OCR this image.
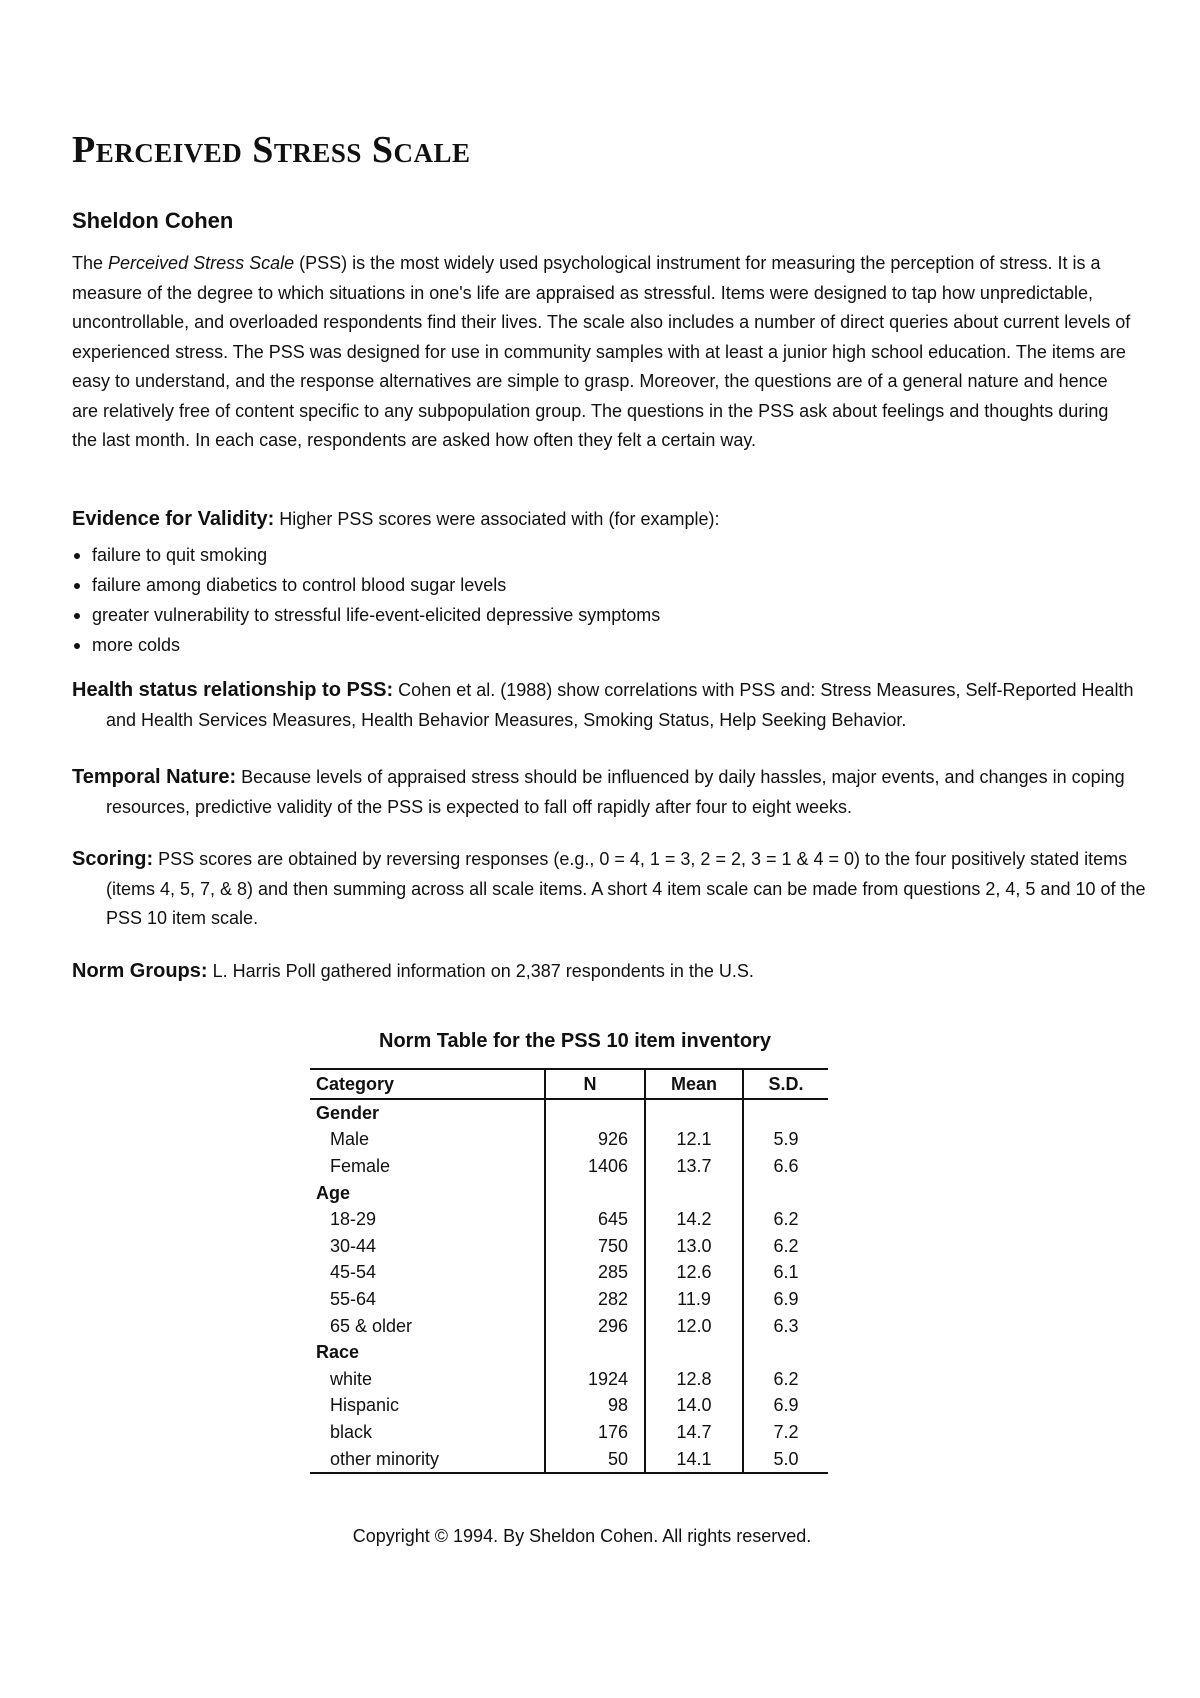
Perceived Stress Scale
Sheldon Cohen

The Perceived Stress Scale (PSS) is the most widely used psychological instrument for measuring the perception of stress. It is a measure of the degree to which situations in one's life are appraised as stressful. Items were designed to tap how unpredictable, uncontrollable, and overloaded respondents find their lives. The scale also includes a number of direct queries about current levels of experienced stress. The PSS was designed for use in community samples with at least a junior high school education. The items are easy to understand, and the response alternatives are simple to grasp. Moreover, the questions are of a general nature and hence are relatively free of content specific to any subpopulation group. The questions in the PSS ask about feelings and thoughts during the last month. In each case, respondents are asked how often they felt a certain way.

Evidence for Validity: Higher PSS scores were associated with (for example):

failure to quit smoking
failure among diabetics to control blood sugar levels
greater vulnerability to stressful life-event-elicited depressive symptoms
more colds

Health status relationship to PSS: Cohen et al. (1988) show correlations with PSS and: Stress Measures, Self-Reported Health and Health Services Measures, Health Behavior Measures, Smoking Status, Help Seeking Behavior.

Temporal Nature: Because levels of appraised stress should be influenced by daily hassles, major events, and changes in coping resources, predictive validity of the PSS is expected to fall off rapidly after four to eight weeks.

Scoring: PSS scores are obtained by reversing responses (e.g., 0 = 4, 1 = 3, 2 = 2, 3 = 1 & 4 = 0) to the four positively stated items (items 4, 5, 7, & 8) and then summing across all scale items. A short 4 item scale can be made from questions 2, 4, 5 and 10 of the PSS 10 item scale.

Norm Groups: L. Harris Poll gathered information on 2,387 respondents in the U.S.

Norm Table for the PSS 10 item inventory

Category	N	Mean	S.D.
Gender			
Male	926	12.1	5.9
Female	1406	13.7	6.6
Age			
18-29	645	14.2	6.2
30-44	750	13.0	6.2
45-54	285	12.6	6.1
55-64	282	11.9	6.9
65 & older	296	12.0	6.3
Race			
white	1924	12.8	6.2
Hispanic	98	14.0	6.9
black	176	14.7	7.2
other minority	50	14.1	5.0

Copyright © 1994. By Sheldon Cohen. All rights reserved.
